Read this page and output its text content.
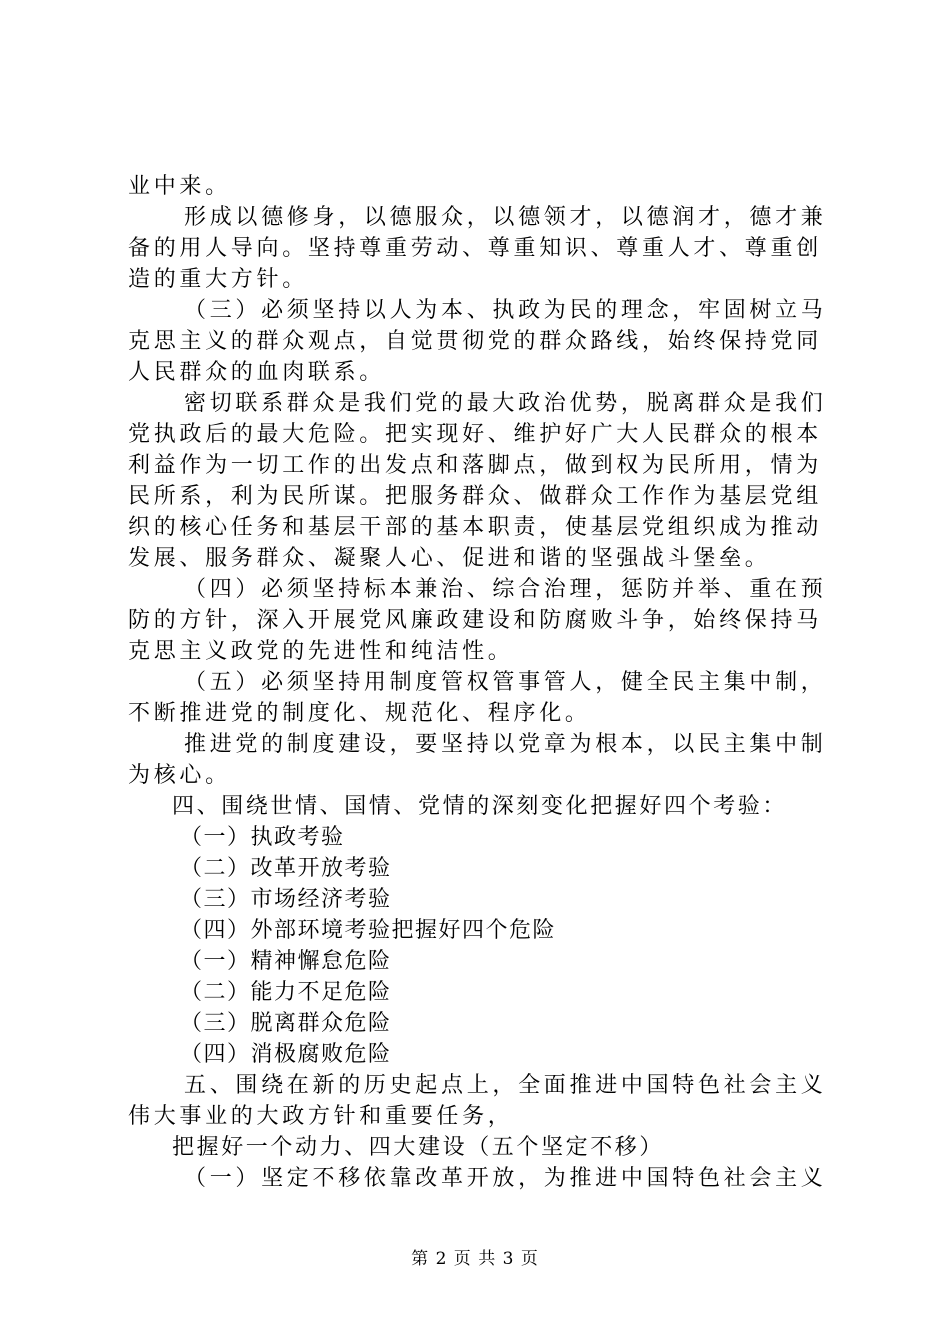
业中来。
形成以德修身，以德服众，以德领才，以德润才，德才兼
备的用人导向。坚持尊重劳动、尊重知识、尊重人才、尊重创
造的重大方针。
（三）必须坚持以人为本、执政为民的理念，牢固树立马
克思主义的群众观点，自觉贯彻党的群众路线，始终保持党同
人民群众的血肉联系。
密切联系群众是我们党的最大政治优势，脱离群众是我们
党执政后的最大危险。把实现好、维护好广大人民群众的根本
利益作为一切工作的出发点和落脚点，做到权为民所用，情为
民所系，利为民所谋。把服务群众、做群众工作作为基层党组
织的核心任务和基层干部的基本职责，使基层党组织成为推动
发展、服务群众、凝聚人心、促进和谐的坚强战斗堡垒。
（四）必须坚持标本兼治、综合治理，惩防并举、重在预
防的方针，深入开展党风廉政建设和防腐败斗争，始终保持马
克思主义政党的先进性和纯洁性。
（五）必须坚持用制度管权管事管人，健全民主集中制，
不断推进党的制度化、规范化、程序化。
推进党的制度建设，要坚持以党章为根本，以民主集中制
为核心。
四、围绕世情、国情、党情的深刻变化把握好四个考验：
（一）执政考验
（二）改革开放考验
（三）市场经济考验
（四）外部环境考验把握好四个危险
（一）精神懈怠危险
（二）能力不足危险
（三）脱离群众危险
（四）消极腐败危险
五、围绕在新的历史起点上，全面推进中国特色社会主义
伟大事业的大政方针和重要任务，
把握好一个动力、四大建设（五个坚定不移）
（一）坚定不移依靠改革开放，为推进中国特色社会主义
第 2 页 共 3 页
